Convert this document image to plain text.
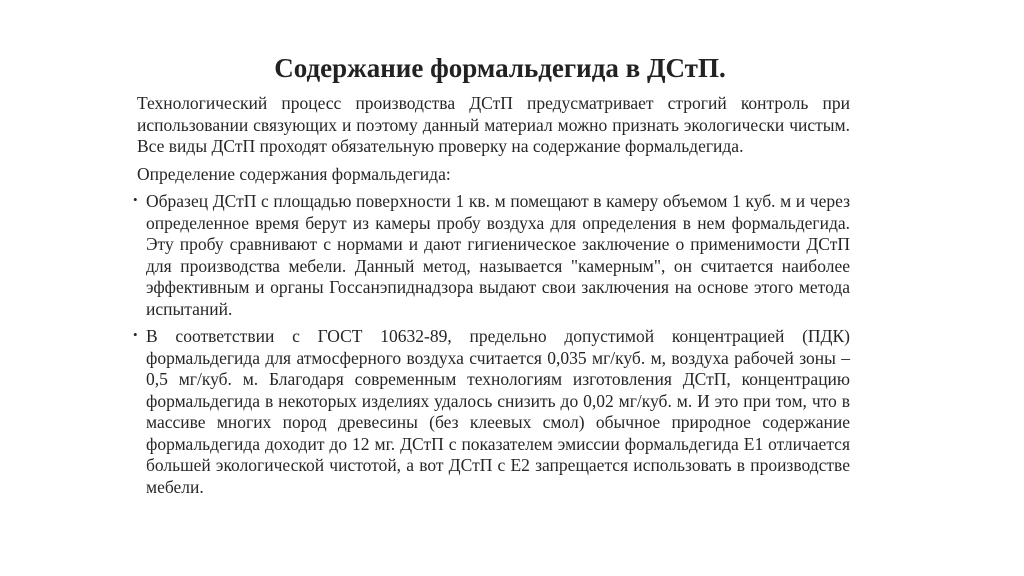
Содержание формальдегида в ДСтП.

Технологический процесс производства ДСтП предусматривает строгий контроль при использовании связующих и поэтому данный материал можно признать экологически чистым. Все виды ДСтП проходят обязательную проверку на содержание формальдегида.

Определение содержания формальдегида:

• Образец ДСтП с площадью поверхности 1 кв. м помещают в камеру объемом 1 куб. м и через определенное время берут из камеры пробу воздуха для определения в нем формальдегида. Эту пробу сравнивают с нормами и дают гигиеническое заключение о применимости ДСтП для производства мебели. Данный метод, называется "камерным", он считается наиболее эффективным и органы Госсанэпиднадзора выдают свои заключения на основе этого метода испытаний.
• В соответствии с ГОСТ 10632-89, предельно допустимой концентрацией (ПДК) формальдегида для атмосферного воздуха считается 0,035 мг/куб. м, воздуха рабочей зоны – 0,5 мг/куб. м. Благодаря современным технологиям изготовления ДСтП, концентрацию формальдегида в некоторых изделиях удалось снизить до 0,02 мг/куб. м. И это при том, что в массиве многих пород древесины (без клеевых смол) обычное природное содержание формальдегида доходит до 12 мг. ДСтП с показателем эмиссии формальдегида Е1 отличается большей экологической чистотой, а вот ДСтП с Е2 запрещается использовать в производстве мебели.
